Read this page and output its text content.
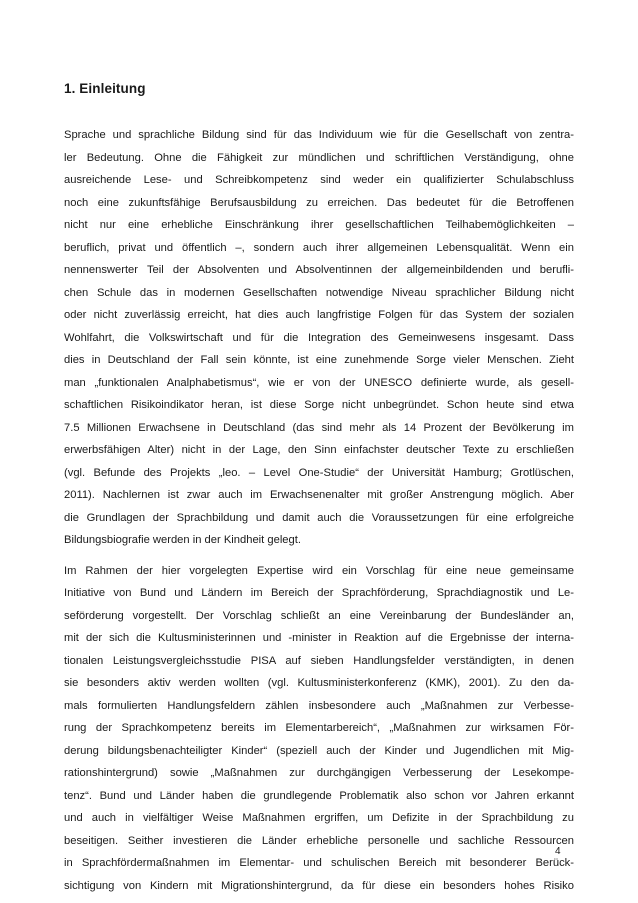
1. Einleitung
Sprache und sprachliche Bildung sind für das Individuum wie für die Gesellschaft von zentra-
ler Bedeutung. Ohne die Fähigkeit zur mündlichen und schriftlichen Verständigung, ohne
ausreichende Lese- und Schreibkompetenz sind weder ein qualifizierter Schulabschluss
noch eine zukunftsfähige Berufsausbildung zu erreichen. Das bedeutet für die Betroffenen
nicht nur eine erhebliche Einschränkung ihrer gesellschaftlichen Teilhabemöglichkeiten –
beruflich, privat und öffentlich –, sondern auch ihrer allgemeinen Lebensqualität. Wenn ein
nennenswerter Teil der Absolventen und Absolventinnen der allgemeinbildenden und berufli-
chen Schule das in modernen Gesellschaften notwendige Niveau sprachlicher Bildung nicht
oder nicht zuverlässig erreicht, hat dies auch langfristige Folgen für das System der sozialen
Wohlfahrt, die Volkswirtschaft und für die Integration des Gemeinwesens insgesamt. Dass
dies in Deutschland der Fall sein könnte, ist eine zunehmende Sorge vieler Menschen. Zieht
man „funktionalen Analphabetismus“, wie er von der UNESCO definierte wurde, als gesell-
schaftlichen Risikoindikator heran, ist diese Sorge nicht unbegründet. Schon heute sind etwa
7.5 Millionen Erwachsene in Deutschland (das sind mehr als 14 Prozent der Bevölkerung im
erwerbsfähigen Alter) nicht in der Lage, den Sinn einfachster deutscher Texte zu erschließen
(vgl. Befunde des Projekts „leo. – Level One-Studie“ der Universität Hamburg; Grotlüschen,
2011). Nachlernen ist zwar auch im Erwachsenenalter mit großer Anstrengung möglich. Aber
die Grundlagen der Sprachbildung und damit auch die Voraussetzungen für eine erfolgreiche
Bildungsbiografie werden in der Kindheit gelegt.
Im Rahmen der hier vorgelegten Expertise wird ein Vorschlag für eine neue gemeinsame
Initiative von Bund und Ländern im Bereich der Sprachförderung, Sprachdiagnostik und Le-
seförderung vorgestellt. Der Vorschlag schließt an eine Vereinbarung der Bundesländer an,
mit der sich die Kultusministerinnen und -minister in Reaktion auf die Ergebnisse der interna-
tionalen Leistungsvergleichsstudie PISA auf sieben Handlungsfelder verständigten, in denen
sie besonders aktiv werden wollten (vgl. Kultusministerkonferenz (KMK), 2001). Zu den da-
mals formulierten Handlungsfeldern zählen insbesondere auch „Maßnahmen zur Verbesse-
rung der Sprachkompetenz bereits im Elementarbereich“, „Maßnahmen zur wirksamen För-
derung bildungsbenachteiligter Kinder“ (speziell auch der Kinder und Jugendlichen mit Mig-
rationshintergrund) sowie „Maßnahmen zur durchgängigen Verbesserung der Lesekompe-
tenz“. Bund und Länder haben die grundlegende Problematik also schon vor Jahren erkannt
und auch in vielfältiger Weise Maßnahmen ergriffen, um Defizite in der Sprachbildung zu
beseitigen. Seither investieren die Länder erhebliche personelle und sachliche Ressourcen
in Sprachfördermaßnahmen im Elementar- und schulischen Bereich mit besonderer Berück-
sichtigung von Kindern mit Migrationshintergrund, da für diese ein besonders hohes Risiko
4
